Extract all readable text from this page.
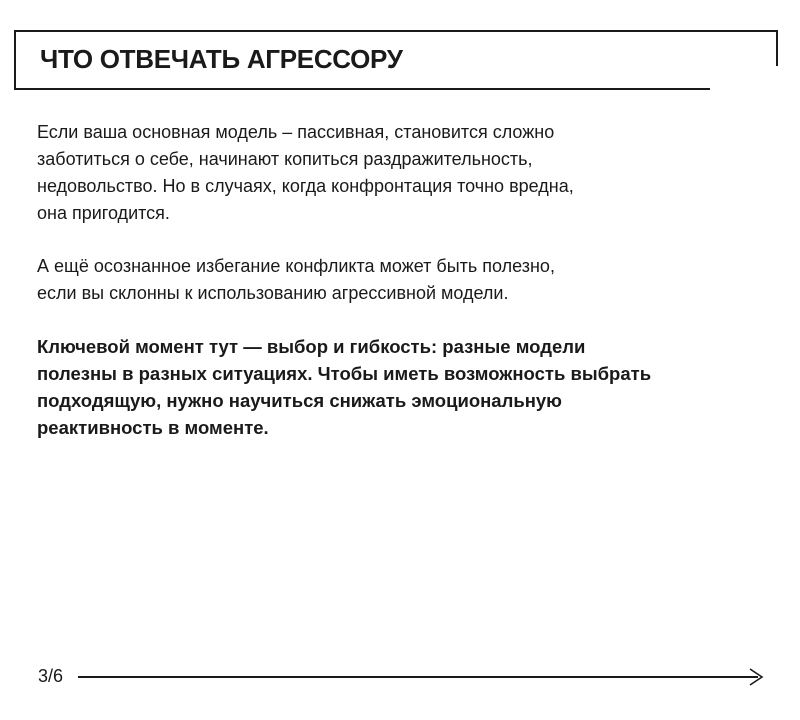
ЧТО ОТВЕЧАТЬ АГРЕССОРУ

Если ваша основная модель – пассивная, становится сложно
заботиться о себе, начинают копиться раздражительность,
недовольство. Но в случаях, когда конфронтация точно вредна,
она пригодится.

А ещё осознанное избегание конфликта может быть полезно,
если вы склонны к использованию агрессивной модели.

Ключевой момент тут — выбор и гибкость: разные модели
полезны в разных ситуациях. Чтобы иметь возможность выбрать
подходящую, нужно научиться снижать эмоциональную
реактивность в моменте.

3/6
